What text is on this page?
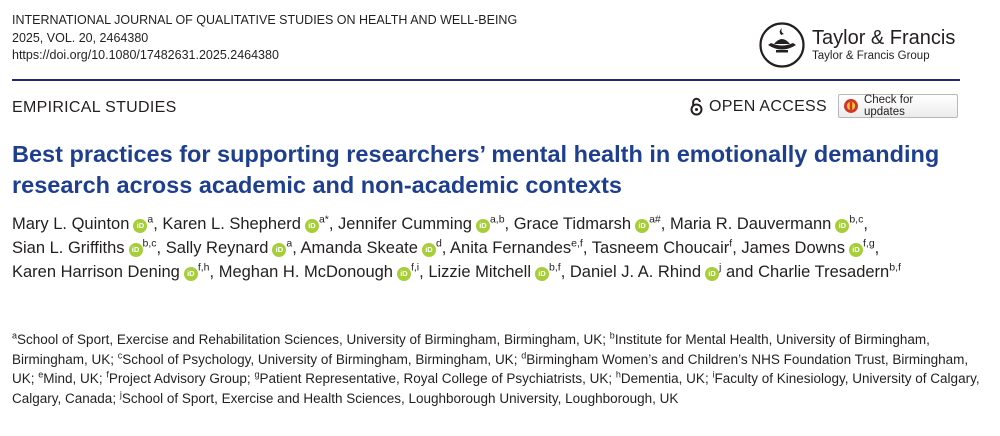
INTERNATIONAL JOURNAL OF QUALITATIVE STUDIES ON HEALTH AND WELL-BEING
2025, VOL. 20, 2464380
https://doi.org/10.1080/17482631.2025.2464380
Taylor & Francis
Taylor & Francis Group
EMPIRICAL STUDIES	OPEN ACCESS	Check for updates
Best practices for supporting researchers’ mental health in emotionally demanding research across academic and non-academic contexts
Mary L. Quinton iD $^a$, Karen L. Shepherd iD $^{a*}$, Jennifer Cumming iD $^{a,b}$, Grace Tidmarsh iD $^{a\#}$, Maria R. Dauvermann iD $^{b,c}$, Sian L. Griffiths iD $^{b,c}$, Sally Reynard iD $^a$, Amanda Skeate iD $^d$, Anita Fernandes$^{e,f}$, Tasneem Choucair$^f$, James Downs iD $^{f,g}$, Karen Harrison Dening iD $^{f,h}$, Meghan H. McDonough iD $^{f,i}$, Lizzie Mitchell iD $^{b,f}$, Daniel J. A. Rhind iD $^j$ and Charlie Tresadern$^{b,f}$
$^a$School of Sport, Exercise and Rehabilitation Sciences, University of Birmingham, Birmingham, UK; $^b$Institute for Mental Health, University of Birmingham, Birmingham, UK; $^c$School of Psychology, University of Birmingham, Birmingham, UK; $^d$Birmingham Women’s and Children’s NHS Foundation Trust, Birmingham, UK; $^e$Mind, UK; $^f$Project Advisory Group; $^g$Patient Representative, Royal College of Psychiatrists, UK; $^h$Dementia, UK; $^i$Faculty of Kinesiology, University of Calgary, Calgary, Canada; $^j$School of Sport, Exercise and Health Sciences, Loughborough University, Loughborough, UK
